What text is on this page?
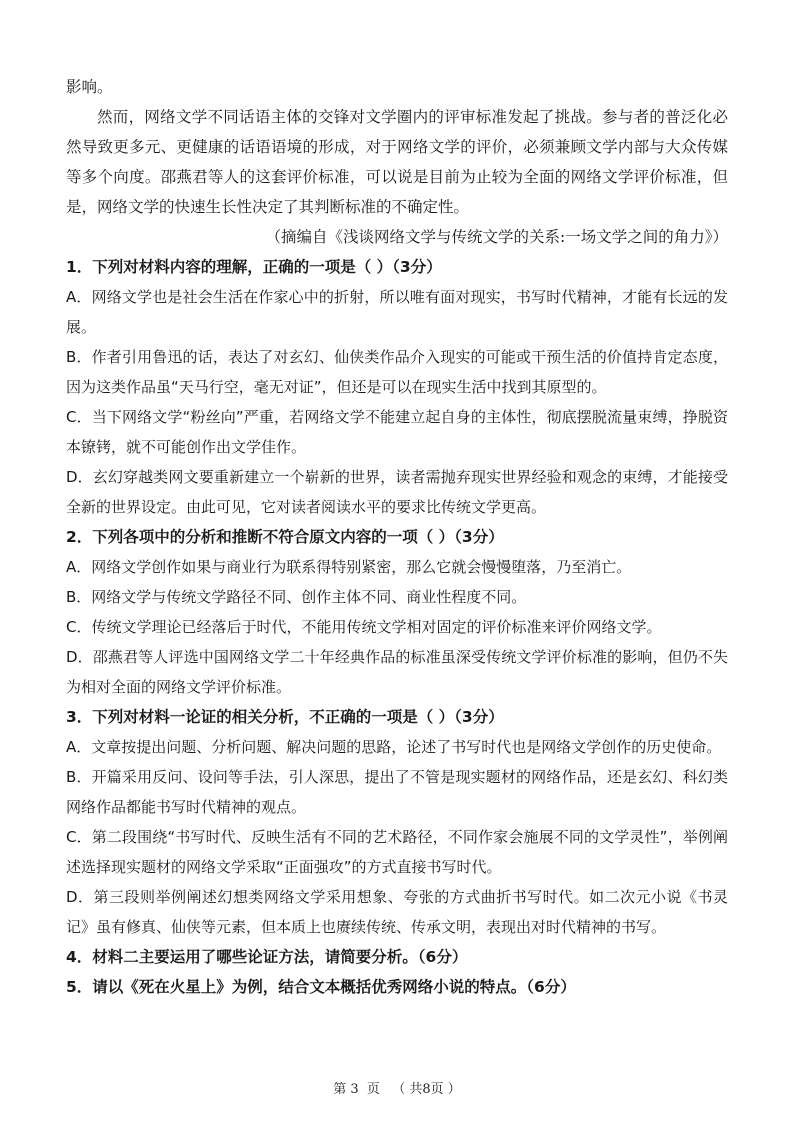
影响。

然而，网络文学不同话语主体的交锋对文学圈内的评审标准发起了挑战。参与者的普泛化必然导致更多元、更健康的话语语境的形成，对于网络文学的评价，必须兼顾文学内部与大众传媒等多个向度。邵燕君等人的这套评价标准，可以说是目前为止较为全面的网络文学评价标准，但是，网络文学的快速生长性决定了其判断标准的不确定性。

（摘编自《浅谈网络文学与传统文学的关系:一场文学之间的角力》）

1．下列对材料内容的理解，正确的一项是（ ）（3分）

A．网络文学也是社会生活在作家心中的折射，所以唯有面对现实，书写时代精神，才能有长远的发展。

B．作者引用鲁迅的话，表达了对玄幻、仙侠类作品介入现实的可能或干预生活的价值持肯定态度，因为这类作品虽“天马行空，毫无对证”，但还是可以在现实生活中找到其原型的。

C．当下网络文学“粉丝向”严重，若网络文学不能建立起自身的主体性，彻底摆脱流量束缚，挣脱资本镣铐，就不可能创作出文学佳作。

D．玄幻穿越类网文要重新建立一个崭新的世界，读者需抛弃现实世界经验和观念的束缚，才能接受全新的世界设定。由此可见，它对读者阅读水平的要求比传统文学更高。

2．下列各项中的分析和推断不符合原文内容的一项（ ）（3分）

A．网络文学创作如果与商业行为联系得特别紧密，那么它就会慢慢堕落，乃至消亡。

B．网络文学与传统文学路径不同、创作主体不同、商业性程度不同。

C．传统文学理论已经落后于时代，不能用传统文学相对固定的评价标准来评价网络文学。

D．邵燕君等人评选中国网络文学二十年经典作品的标准虽深受传统文学评价标准的影响，但仍不失为相对全面的网络文学评价标准。

3．下列对材料一论证的相关分析，不正确的一项是（ ）（3分）

A．文章按提出问题、分析问题、解决问题的思路，论述了书写时代也是网络文学创作的历史使命。

B．开篇采用反问、设问等手法，引人深思，提出了不管是现实题材的网络作品，还是玄幻、科幻类网络作品都能书写时代精神的观点。

C．第二段围绕“书写时代、反映生活有不同的艺术路径，不同作家会施展不同的文学灵性”，举例阐述选择现实题材的网络文学采取“正面强攻”的方式直接书写时代。

D．第三段则举例阐述幻想类网络文学采用想象、夸张的方式曲折书写时代。如二次元小说《书灵记》虽有修真、仙侠等元素，但本质上也赓续传统、传承文明，表现出对时代精神的书写。

4．材料二主要运用了哪些论证方法，请简要分析。（6分）

5．请以《死在火星上》为例，结合文本概括优秀网络小说的特点。（6分）

第 3  页   （ 共8页 ）
